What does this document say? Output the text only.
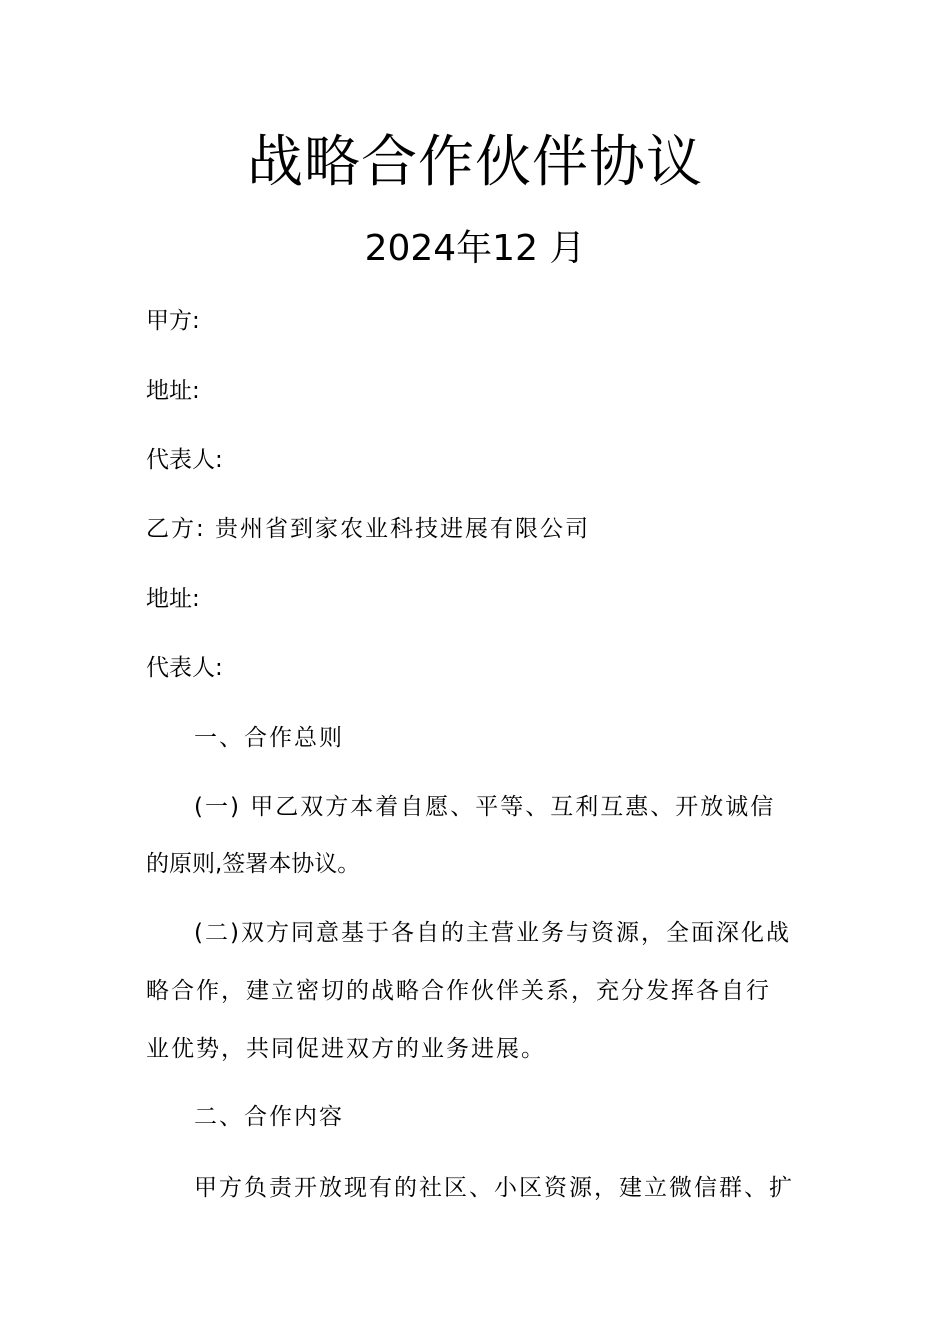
战略合作伙伴协议

2024年12 月

甲方:

地址:

代表人:

乙方: 贵州省到家农业科技进展有限公司

地址:

代表人:

一、合作总则

(一) 甲乙双方本着自愿、平等、互利互惠、开放诚信

的原则,签署本协议。

(二)双方同意基于各自的主营业务与资源，全面深化战

略合作，建立密切的战略合作伙伴关系，充分发挥各自行

业优势，共同促进双方的业务进展。

二、合作内容

甲方负责开放现有的社区、小区资源，建立微信群、扩
